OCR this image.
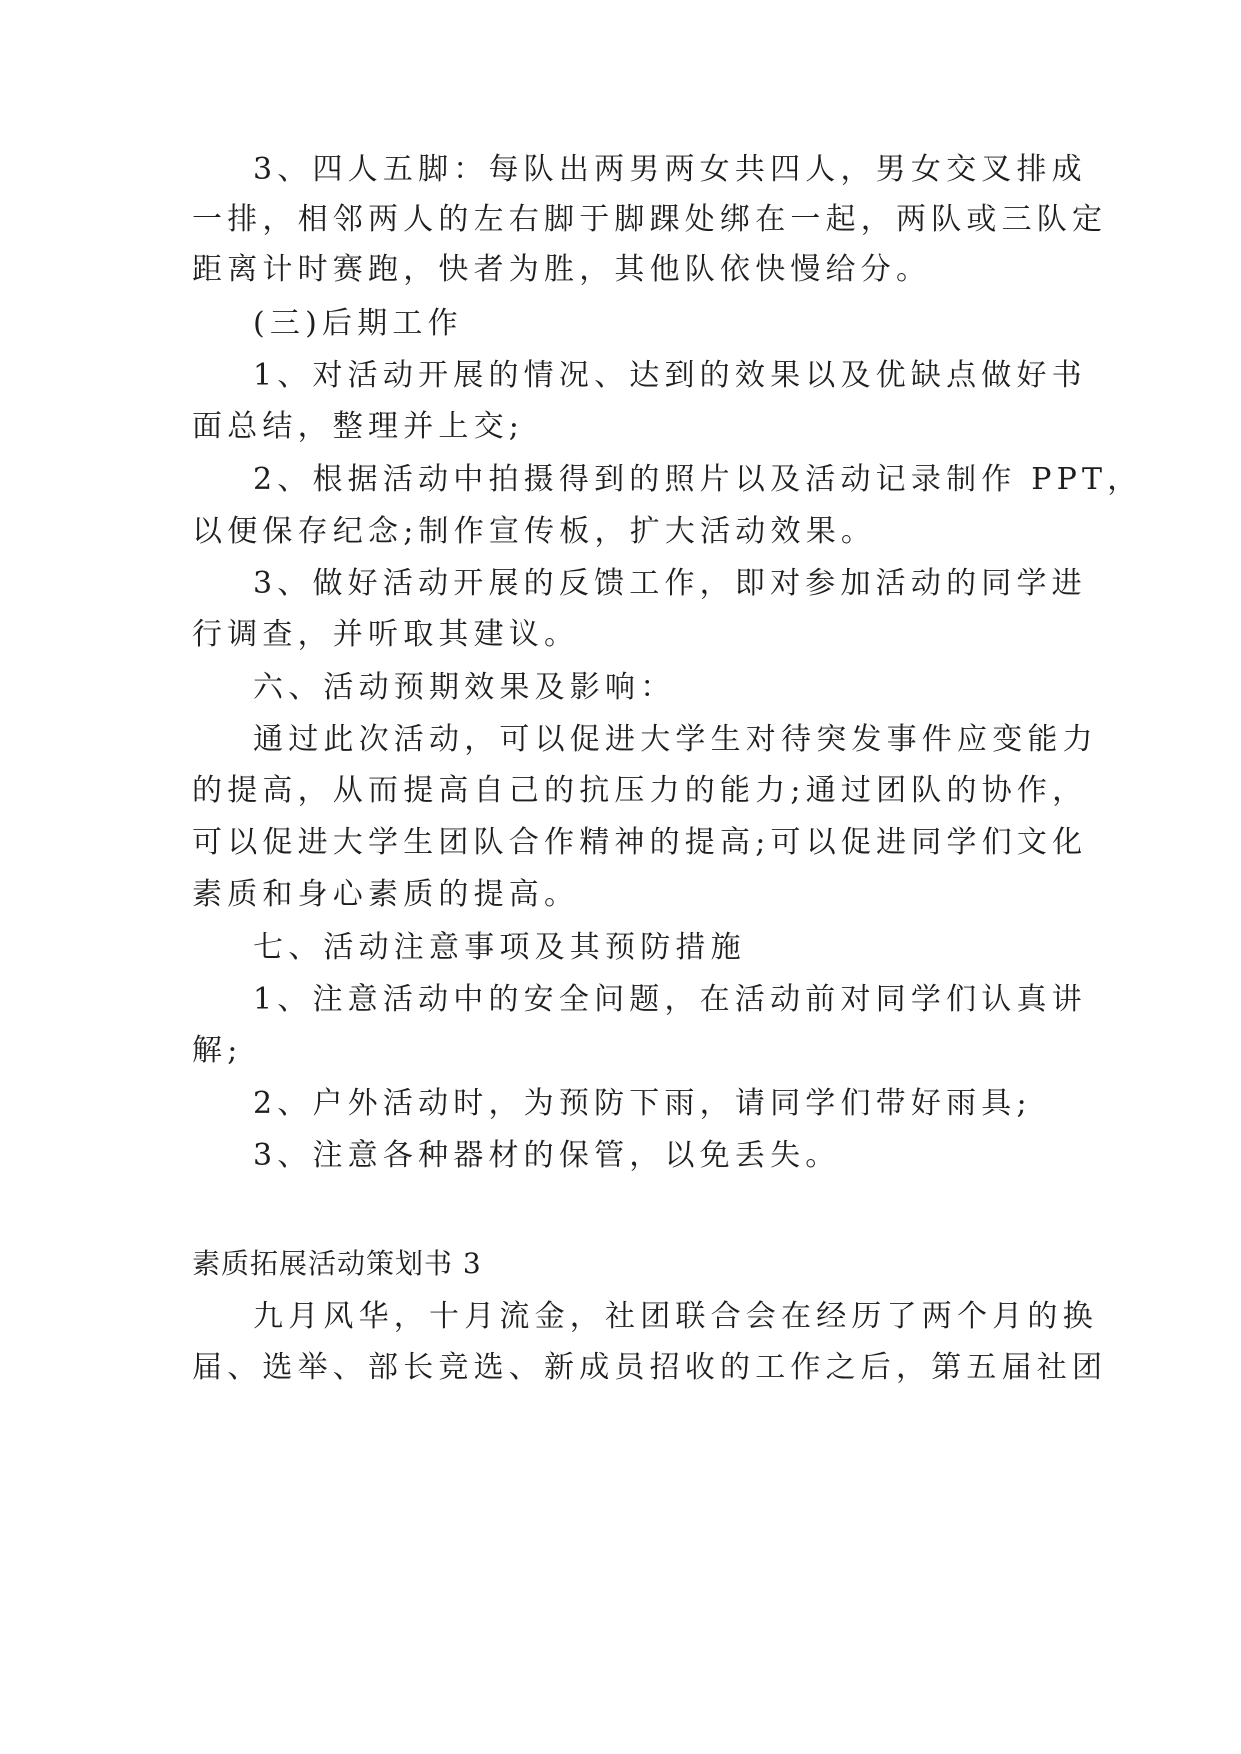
3、四人五脚：每队出两男两女共四人，男女交叉排成

一排，相邻两人的左右脚于脚踝处绑在一起，两队或三队定

距离计时赛跑，快者为胜，其他队依快慢给分。

(三)后期工作

1、对活动开展的情况、达到的效果以及优缺点做好书

面总结，整理并上交;

2、根据活动中拍摄得到的照片以及活动记录制作 PPT，

以便保存纪念;制作宣传板，扩大活动效果。

3、做好活动开展的反馈工作，即对参加活动的同学进

行调查，并听取其建议。

六、活动预期效果及影响：

通过此次活动，可以促进大学生对待突发事件应变能力

的提高，从而提高自己的抗压力的能力;通过团队的协作，

可以促进大学生团队合作精神的提高;可以促进同学们文化

素质和身心素质的提高。

七、活动注意事项及其预防措施

1、注意活动中的安全问题，在活动前对同学们认真讲

解;

2、户外活动时，为预防下雨，请同学们带好雨具;

3、注意各种器材的保管，以免丢失。

素质拓展活动策划书 3

九月风华，十月流金，社团联合会在经历了两个月的换

届、选举、部长竞选、新成员招收的工作之后，第五届社团
